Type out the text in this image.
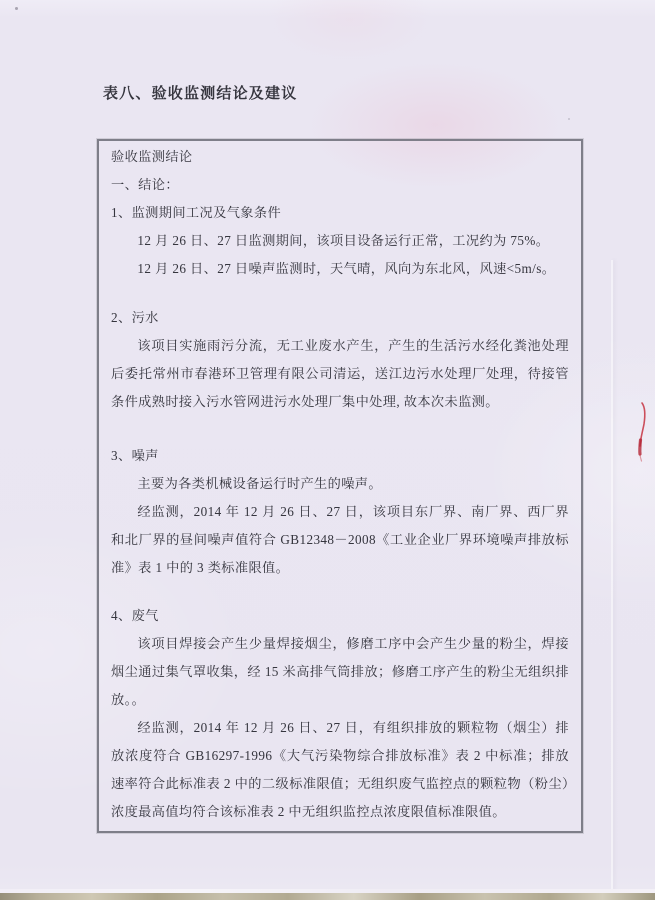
表八、验收监测结论及建议
验收监测结论
一、结论：
1、监测期间工况及气象条件

12 月 26 日、27 日监测期间，该项目设备运行正常，工况约为 75%。

12 月 26 日、27 日噪声监测时，天气晴，风向为东北风，风速<5m/s。

2、污水

该项目实施雨污分流，无工业废水产生，产生的生活污水经化粪池处理后委托常州市春港环卫管理有限公司清运，送江边污水处理厂处理，待接管条件成熟时接入污水管网进污水处理厂集中处理, 故本次未监测。

3、噪声

主要为各类机械设备运行时产生的噪声。

经监测，2014 年 12 月 26 日、27 日，该项目东厂界、南厂界、西厂界和北厂界的昼间噪声值符合 GB12348－2008《工业企业厂界环境噪声排放标准》表 1 中的 3 类标准限值。

4、废气

该项目焊接会产生少量焊接烟尘，修磨工序中会产生少量的粉尘，焊接烟尘通过集气罩收集，经 15 米高排气筒排放；修磨工序产生的粉尘无组织排放。。

经监测，2014 年 12 月 26 日、27 日，有组织排放的颗粒物（烟尘）排放浓度符合 GB16297-1996《大气污染物综合排放标准》表 2 中标准；排放速率符合此标准表 2 中的二级标准限值；无组织废气监控点的颗粒物（粉尘）浓度最高值均符合该标准表 2 中无组织监控点浓度限值标准限值。
